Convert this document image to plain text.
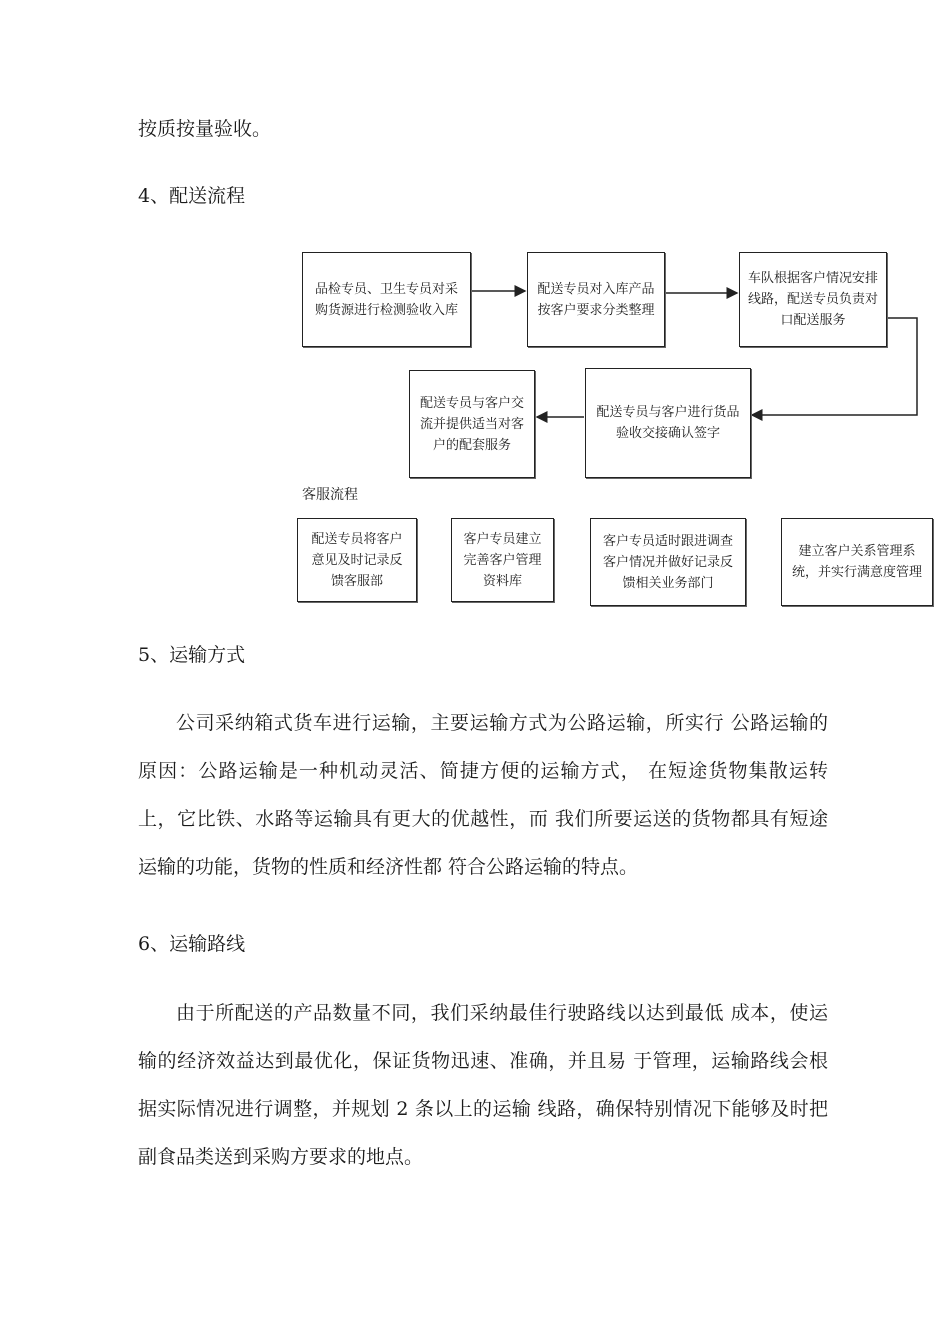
按质按量验收。

4、配送流程

品检专员、卫生专员对采购货源进行检测验收入库
配送专员对入库产品按客户要求分类整理
车队根据客户情况安排线路，配送专员负责对口配送服务
配送专员与客户进行货品验收交接确认签字
配送专员与客户交流并提供适当对客户的配套服务
客服流程
配送专员将客户意见及时记录反馈客服部
客户专员建立完善客户管理资料库
客户专员适时跟进调查客户情况并做好记录反馈相关业务部门
建立客户关系管理系统，并实行满意度管理

5、运输方式

公司采纳箱式货车进行运输，主要运输方式为公路运输，所实行 公路运输的原因：公路运输是一种机动灵活、简捷方便的运输方式， 在短途货物集散运转上，它比铁、水路等运输具有更大的优越性，而 我们所要运送的货物都具有短途运输的功能，货物的性质和经济性都 符合公路运输的特点。

6、运输路线

由于所配送的产品数量不同，我们采纳最佳行驶路线以达到最低 成本，使运输的经济效益达到最优化，保证货物迅速、准确，并且易 于管理，运输路线会根据实际情况进行调整，并规划 2 条以上的运输 线路，确保特别情况下能够及时把副食品类送到采购方要求的地点。
